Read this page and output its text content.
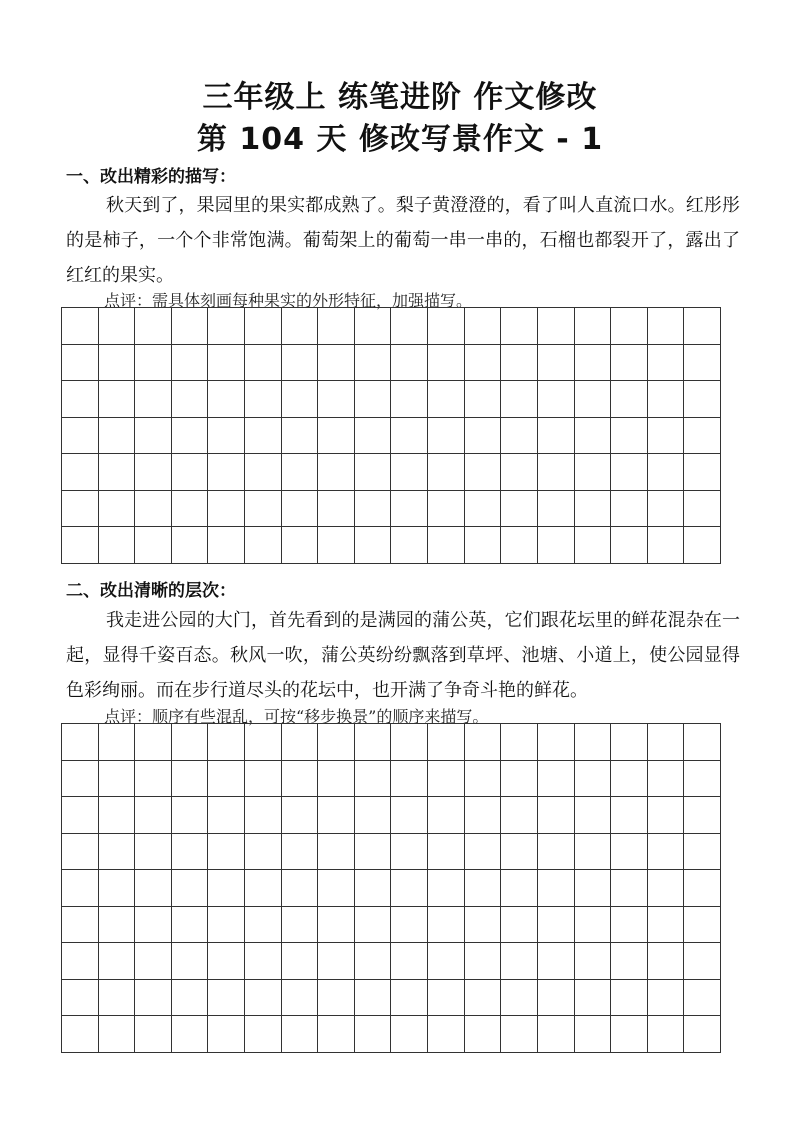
三年级上 练笔进阶 作文修改
第 104 天 修改写景作文 - 1
一、改出精彩的描写：

秋天到了，果园里的果实都成熟了。梨子黄澄澄的，看了叫人直流口水。红彤彤的是柿子，一个个非常饱满。葡萄架上的葡萄一串一串的，石榴也都裂开了，露出了红红的果实。

点评：需具体刻画每种果实的外形特征，加强描写。
二、改出清晰的层次：

我走进公园的大门，首先看到的是满园的蒲公英，它们跟花坛里的鲜花混杂在一起，显得千姿百态。秋风一吹，蒲公英纷纷飘落到草坪、池塘、小道上，使公园显得色彩绚丽。而在步行道尽头的花坛中，也开满了争奇斗艳的鲜花。

点评：顺序有些混乱，可按“移步换景”的顺序来描写。
